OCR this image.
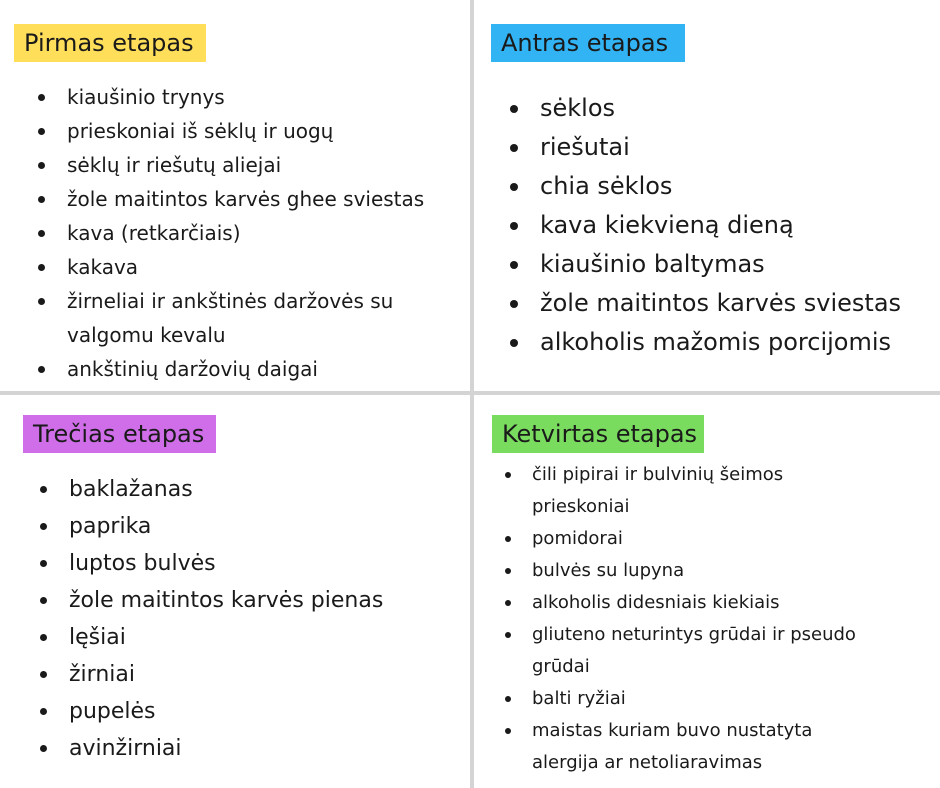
Pirmas etapas
kiaušinio trynys
prieskoniai iš sėklų ir uogų
sėklų ir riešutų aliejai
žole maitintos karvės ghee sviestas
kava (retkarčiais)
kakava
žirneliai ir ankštinės daržovės su
valgomu kevalu
ankštinių daržovių daigai
Antras etapas
sėklos
riešutai
chia sėklos
kava kiekvieną dieną
kiaušinio baltymas
žole maitintos karvės sviestas
alkoholis mažomis porcijomis
Trečias etapas
baklažanas
paprika
luptos bulvės
žole maitintos karvės pienas
lęšiai
žirniai
pupelės
avinžirniai
Ketvirtas etapas
čili pipirai ir bulvinių šeimos
prieskoniai
pomidorai
bulvės su lupyna
alkoholis didesniais kiekiais
gliuteno neturintys grūdai ir pseudo
grūdai
balti ryžiai
maistas kuriam buvo nustatyta
alergija ar netoliaravimas
